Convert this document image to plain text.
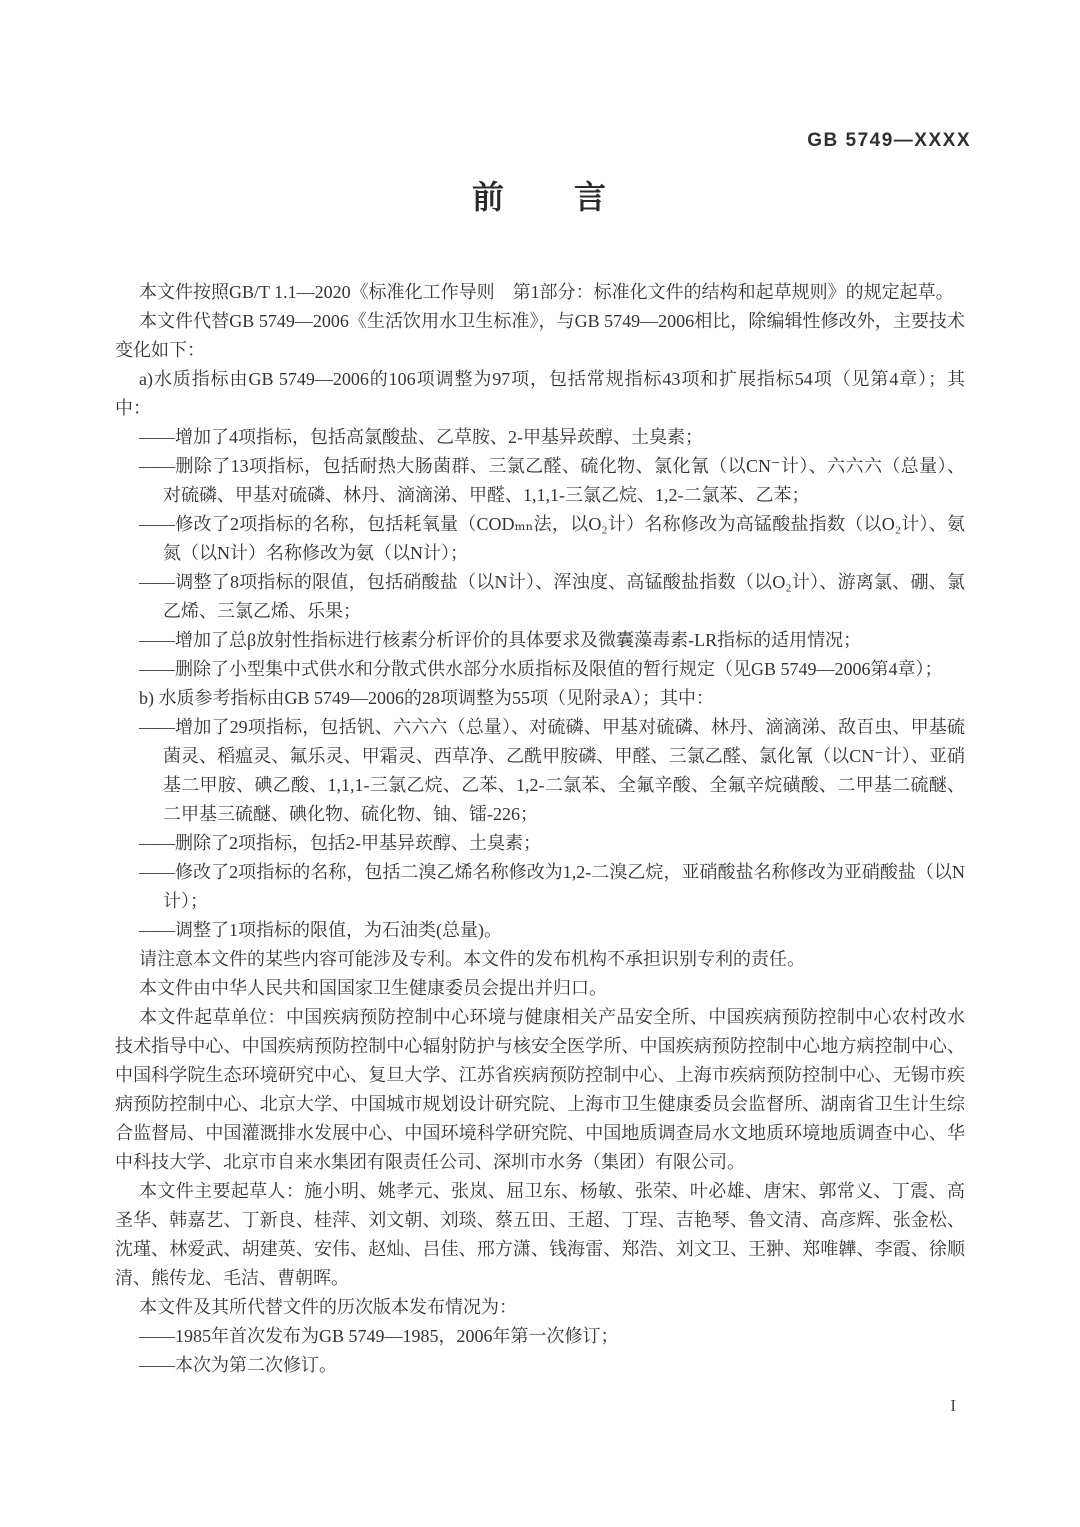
GB 5749—XXXX
前　　言

本文件按照GB/T 1.1—2020《标准化工作导则　第1部分：标准化文件的结构和起草规则》的规定起草。

本文件代替GB 5749—2006《生活饮用水卫生标准》，与GB 5749—2006相比，除编辑性修改外，主要技术变化如下：

a)水质指标由GB 5749—2006的106项调整为97项，包括常规指标43项和扩展指标54项（见第4章）；其中：

——增加了4项指标，包括高氯酸盐、乙草胺、2-甲基异莰醇、土臭素；

——删除了13项指标，包括耐热大肠菌群、三氯乙醛、硫化物、氯化氰（以CN⁻计）、六六六（总量）、对硫磷、甲基对硫磷、林丹、滴滴涕、甲醛、1,1,1-三氯乙烷、1,2-二氯苯、乙苯；

——修改了2项指标的名称，包括耗氧量（CODₘₙ法，以O₂计）名称修改为高锰酸盐指数（以O₂计）、氨氮（以N计）名称修改为氨（以N计）；

——调整了8项指标的限值，包括硝酸盐（以N计）、浑浊度、高锰酸盐指数（以O₂计）、游离氯、硼、氯乙烯、三氯乙烯、乐果；

——增加了总β放射性指标进行核素分析评价的具体要求及微囊藻毒素-LR指标的适用情况；

——删除了小型集中式供水和分散式供水部分水质指标及限值的暂行规定（见GB 5749—2006第4章）；

b) 水质参考指标由GB 5749—2006的28项调整为55项（见附录A）；其中：

——增加了29项指标，包括钒、六六六（总量）、对硫磷、甲基对硫磷、林丹、滴滴涕、敌百虫、甲基硫菌灵、稻瘟灵、氟乐灵、甲霜灵、西草净、乙酰甲胺磷、甲醛、三氯乙醛、氯化氰（以CN⁻计）、亚硝基二甲胺、碘乙酸、1,1,1-三氯乙烷、乙苯、1,2-二氯苯、全氟辛酸、全氟辛烷磺酸、二甲基二硫醚、二甲基三硫醚、碘化物、硫化物、铀、镭-226；

——删除了2项指标，包括2-甲基异莰醇、土臭素；

——修改了2项指标的名称，包括二溴乙烯名称修改为1,2-二溴乙烷，亚硝酸盐名称修改为亚硝酸盐（以N计）；

——调整了1项指标的限值，为石油类(总量)。

请注意本文件的某些内容可能涉及专利。本文件的发布机构不承担识别专利的责任。

本文件由中华人民共和国国家卫生健康委员会提出并归口。

本文件起草单位：中国疾病预防控制中心环境与健康相关产品安全所、中国疾病预防控制中心农村改水技术指导中心、中国疾病预防控制中心辐射防护与核安全医学所、中国疾病预防控制中心地方病控制中心、中国科学院生态环境研究中心、复旦大学、江苏省疾病预防控制中心、上海市疾病预防控制中心、无锡市疾病预防控制中心、北京大学、中国城市规划设计研究院、上海市卫生健康委员会监督所、湖南省卫生计生综合监督局、中国灌溉排水发展中心、中国环境科学研究院、中国地质调查局水文地质环境地质调查中心、华中科技大学、北京市自来水集团有限责任公司、深圳市水务（集团）有限公司。

本文件主要起草人：施小明、姚孝元、张岚、屈卫东、杨敏、张荣、叶必雄、唐宋、郭常义、丁震、高圣华、韩嘉艺、丁新良、桂萍、刘文朝、刘琰、蔡五田、王超、丁珵、吉艳琴、鲁文清、高彦辉、张金松、沈瑾、林爱武、胡建英、安伟、赵灿、吕佳、邢方潇、钱海雷、郑浩、刘文卫、王翀、郑唯韡、李霞、徐顺清、熊传龙、毛洁、曹朝晖。

本文件及其所代替文件的历次版本发布情况为：

——1985年首次发布为GB 5749—1985，2006年第一次修订；

——本次为第二次修订。

I
